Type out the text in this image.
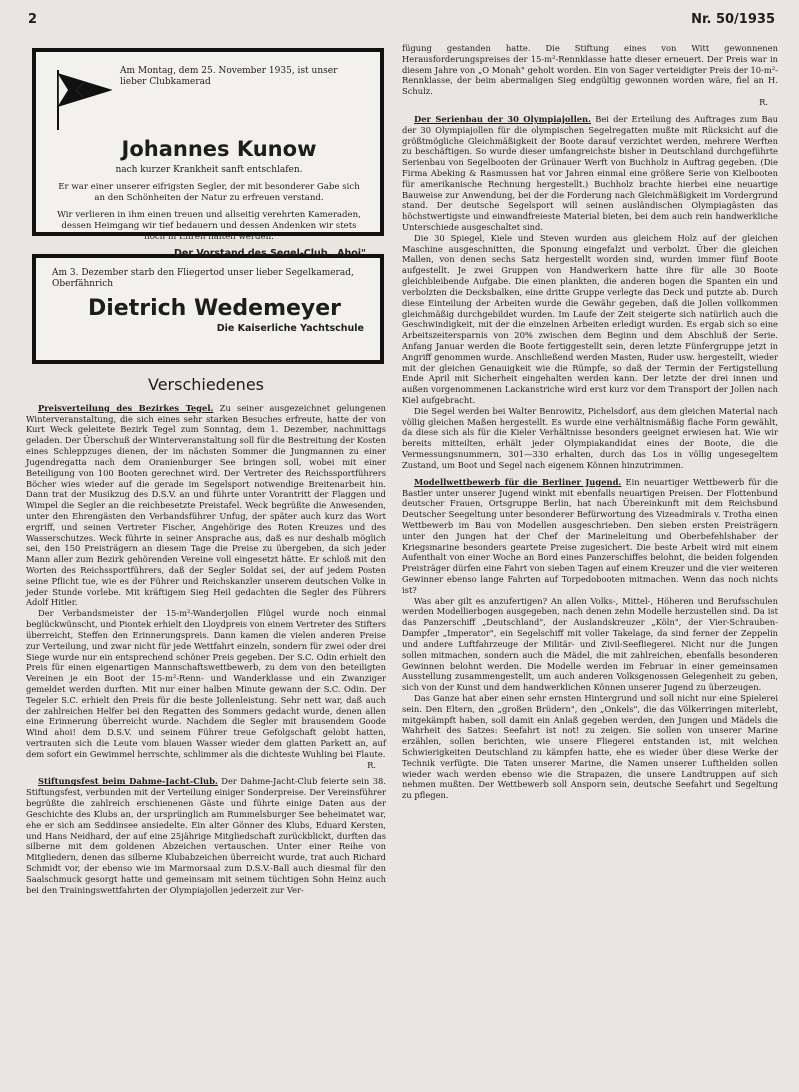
2	Nr. 50/1935
Am Montag, dem 25. November 1935, ist unser lieber Clubkamerad
Johannes Kunow
nach kurzer Krankheit sanft entschlafen.

Er war einer unserer eifrigsten Segler, der mit besonderer Gabe sich an den Schönheiten der Natur zu erfreuen verstand.

Wir verlieren in ihm einen treuen und allseitig verehrten Kameraden, dessen Heimgang wir tief bedauern und dessen Andenken wir stets hoch in Ehren halten werden.

Der Vorstand des Segel-Club „Ahoi"
Am 3. Dezember starb den Fliegertod unser lieber Segelkamerad, Oberfähnrich
Dietrich Wedemeyer
Die Kaiserliche Yachtschule
Verschiedenes

Preisverteilung des Bezirkes Tegel. Zu seiner ausgezeichnet gelungenen Winterveranstaltung, die sich eines sehr starken Besuches erfreute, hatte der von Kurt Weck geleitete Bezirk Tegel zum Sonntag, dem 1. Dezember, nachmittags geladen. Der Überschuß der Winterveranstaltung soll für die Bestreitung der Kosten eines Schleppzuges dienen, der im nächsten Sommer die Jungmannen zu einer Jugendregatta nach dem Oranienburger See bringen soll, wobei mit einer Beteiligung von 100 Booten gerechnet wird. Der Vertreter des Reichssportführers Böcher wies wieder auf die gerade im Segelsport notwendige Breitenarbeit hin. Dann trat der Musikzug des D.S.V. an und führte unter Vorantritt der Flaggen und Wimpel die Segler an die reichbesetzte Preistafel. Weck begrüßte die Anwesenden, unter den Ehrengästen den Verbandsführer Unfug, der später auch kurz das Wort ergriff, und seinen Vertreter Fischer, Angehörige des Roten Kreuzes und des Wasserschutzes. Weck führte in seiner Ansprache aus, daß es nur deshalb möglich sei, den 150 Preisträgern an diesem Tage die Preise zu übergeben, da sich jeder Mann aller zum Bezirk gehörenden Vereine voll eingesetzt hätte. Er schloß mit den Worten des Reichssportführers, daß der Segler Soldat sei, der auf jedem Posten seine Pflicht tue, wie es der Führer und Reichskanzler unserem deutschen Volke in jeder Stunde vorlebe. Mit kräftigem Sieg Heil gedachten die Segler des Führers Adolf Hitler.

Der Verbandsmeister der 15-m²-Wanderjollen Flügel wurde noch einmal beglückwünscht, und Piontek erhielt den Lloydpreis von einem Vertreter des Stifters überreicht, Steffen den Erinnerungspreis. Dann kamen die vielen anderen Preise zur Verteilung, und zwar nicht für jede Wettfahrt einzeln, sondern für zwei oder drei Siege wurde nur ein entsprechend schöner Preis gegeben. Der S.C. Odin erhielt den Preis für einen eigenartigen Mannschaftswettbewerb, zu dem von den beteiligten Vereinen je ein Boot der 15-m²-Renn- und Wanderklasse und ein Zwanziger gemeldet werden durften. Mit nur einer halben Minute gewann der S.C. Odin. Der Tegeler S.C. erhielt den Preis für die beste Jollenleistung. Sehr nett war, daß auch der zahlreichen Helfer bei den Regatten des Sommers gedacht wurde, denen allen eine Erinnerung überreicht wurde. Nachdem die Segler mit brausendem Goode Wind ahoi! dem D.S.V. und seinem Führer treue Gefolgschaft gelobt hatten, vertrauten sich die Leute vom blauen Wasser wieder dem glatten Parkett an, auf dem sofort ein Gewimmel herrschte, schlimmer als die dichteste Wuhling bei Flaute.

R.

Stiftungsfest beim Dahme-Jacht-Club. Der Dahme-Jacht-Club feierte sein 38. Stiftungsfest, verbunden mit der Verteilung einiger Sonderpreise. Der Vereinsführer begrüßte die zahlreich erschienenen Gäste und führte einige Daten aus der Geschichte des Klubs an, der ursprünglich am Rummelsburger See beheimatet war, ehe er sich am Seddinsee ansiedelte. Ein alter Gönner des Klubs, Eduard Kersten, und Hans Neidhard, der auf eine 25jährige Mitgliedschaft zurückblickt, durften das silberne mit dem goldenen Abzeichen vertauschen. Unter einer Reihe von Mitgliedern, denen das silberne Klubabzeichen überreicht wurde, trat auch Richard Schmidt vor, der ebenso wie im Marmorsaal zum D.S.V.-Ball auch diesmal für den Saalschmuck gesorgt hatte und gemeinsam mit seinem tüchtigen Sohn Heinz auch bei den Trainingswettfahrten der Olympiajollen jederzeit zur Ver-

fügung gestanden hatte. Die Stiftung eines von Witt gewonnenen Herausforderungspreises der 15-m²-Rennklasse hatte dieser erneuert. Der Preis war in diesem Jahre von „O Monah" geholt worden. Ein von Sager verteidigter Preis der 10-m²-Rennklasse, der beim abermaligen Sieg endgültig gewonnen worden wäre, fiel an H. Schulz.

R.

Der Serienbau der 30 Olympiajollen. Bei der Erteilung des Auftrages zum Bau der 30 Olympiajollen für die olympischen Segelregatten mußte mit Rücksicht auf die größtmögliche Gleichmäßigkeit der Boote darauf verzichtet werden, mehrere Werften zu beschäftigen. So wurde dieser umfangreichste bisher in Deutschland durchgeführte Serienbau von Segelbooten der Grünauer Werft von Buchholz in Auftrag gegeben. (Die Firma Abeking & Rasmussen hat vor Jahren einmal eine größere Serie von Kielbooten für amerikanische Rechnung hergestellt.) Buchholz brachte hierbei eine neuartige Bauweise zur Anwendung, bei der die Forderung nach Gleichmäßigkeit im Vordergrund stand. Der deutsche Segelsport will seinen ausländischen Olympiagästen das höchstwertigste und einwandfreieste Material bieten, bei dem auch rein handwerkliche Unterschiede ausgeschaltet sind.

Die 30 Spiegel, Kiele und Steven wurden aus gleichem Holz auf der gleichen Maschine ausgeschnitten, die Sponung eingefalzt und verbolzt. Über die gleichen Mallen, von denen sechs Satz hergestellt worden sind, wurden immer fünf Boote aufgestellt. Je zwei Gruppen von Handwerkern hatte ihre für alle 30 Boote gleichbleibende Aufgabe. Die einen plankten, die anderen bogen die Spanten ein und verbolzten die Decksbalken, eine dritte Gruppe verlegte das Deck und putzte ab. Durch diese Einteilung der Arbeiten wurde die Gewähr gegeben, daß die Jollen vollkommen gleichmäßig durchgebildet wurden. Im Laufe der Zeit steigerte sich natürlich auch die Geschwindigkeit, mit der die einzelnen Arbeiten erledigt wurden. Es ergab sich so eine Arbeitszeitersparnis von 20% zwischen dem Beginn und dem Abschluß der Serie. Anfang Januar werden die Boote fertiggestellt sein, deren letzte Fünfergruppe jetzt in Angriff genommen wurde. Anschließend werden Masten, Ruder usw. hergestellt, wieder mit der gleichen Genauigkeit wie die Rümpfe, so daß der Termin der Fertigstellung Ende April mit Sicherheit eingehalten werden kann. Der letzte der drei innen und außen vorgenommenen Lackanstriche wird erst kurz vor dem Transport der Jollen nach Kiel aufgebracht.

Die Segel werden bei Walter Benrowitz, Pichelsdorf, aus dem gleichen Material nach völlig gleichen Maßen hergestellt. Es wurde eine verhältnismäßig flache Form gewählt, da diese sich als für die Kieler Verhältnisse besonders geeignet erwiesen hat. Wie wir bereits mitteilten, erhält jeder Olympiakandidat eines der Boote, die die Vermessungsnummern, 301—330 erhalten, durch das Los in völlig ungesegeltem Zustand, um Boot und Segel nach eigenem Können hinzutrimmen.

Modellwettbewerb für die Berliner Jugend. Ein neuartiger Wettbewerb für die Bastler unter unserer Jugend winkt mit ebenfalls neuartigen Preisen. Der Flottenbund deutscher Frauen, Ortsgruppe Berlin, hat nach Übereinkunft mit dem Reichsbund Deutscher Seegeltung unter besonderer Befürwortung des Vizeadmirals v. Trotha einen Wettbewerb im Bau von Modellen ausgeschrieben. Den sieben ersten Preisträgern unter den Jungen hat der Chef der Marineleitung und Oberbefehlshaber der Kriegsmarine besonders geartete Preise zugesichert. Die beste Arbeit wird mit einem Aufenthalt von einer Woche an Bord eines Panzerschiffes belohnt, die beiden folgenden Preisträger dürfen eine Fahrt von sieben Tagen auf einem Kreuzer und die vier weiteren Gewinner ebenso lange Fahrten auf Torpedobooten mitmachen. Wenn das noch nichts ist?

Was aber gilt es anzufertigen? An allen Volks-, Mittel-, Höheren und Berufsschulen werden Modellierbogen ausgegeben, nach denen zehn Modelle herzustellen sind. Da ist das Panzerschiff „Deutschland", der Auslandskreuzer „Köln", der Vier-Schrauben-Dampfer „Imperator", ein Segelschiff mit voller Takelage, da sind ferner der Zeppelin und andere Luftfahrzeuge der Militär- und Zivil-Seefliegerei. Nicht nur die Jungen sollen mitmachen, sondern auch die Mädel, die mit zahlreichen, ebenfalls besonderen Gewinnen belohnt werden. Die Modelle werden im Februar in einer gemeinsamen Ausstellung zusammengestellt, um auch anderen Volksgenossen Gelegenheit zu geben, sich von der Kunst und dem handwerklichen Können unserer Jugend zu überzeugen.

Das Ganze hat aber einen sehr ernsten Hintergrund und soll nicht nur eine Spielerei sein. Den Eltern, den „großen Brüdern", den „Onkels", die das Völkerringen miterlebt, mitgekämpft haben, soll damit ein Anlaß gegeben werden, den Jungen und Mädels die Wahrheit des Satzes: Seefahrt ist not! zu zeigen. Sie sollen von unserer Marine erzählen, sollen berichten, wie unsere Fliegerei entstanden ist, mit welchen Schwierigkeiten Deutschland zu kämpfen hatte, ehe es wieder über diese Werke der Technik verfügte. Die Taten unserer Marine, die Namen unserer Lufthelden sollen wieder wach werden ebenso wie die Strapazen, die unsere Landtruppen auf sich nehmen mußten. Der Wettbewerb soll Ansporn sein, deutsche Seefahrt und Segeltung zu pflegen.
